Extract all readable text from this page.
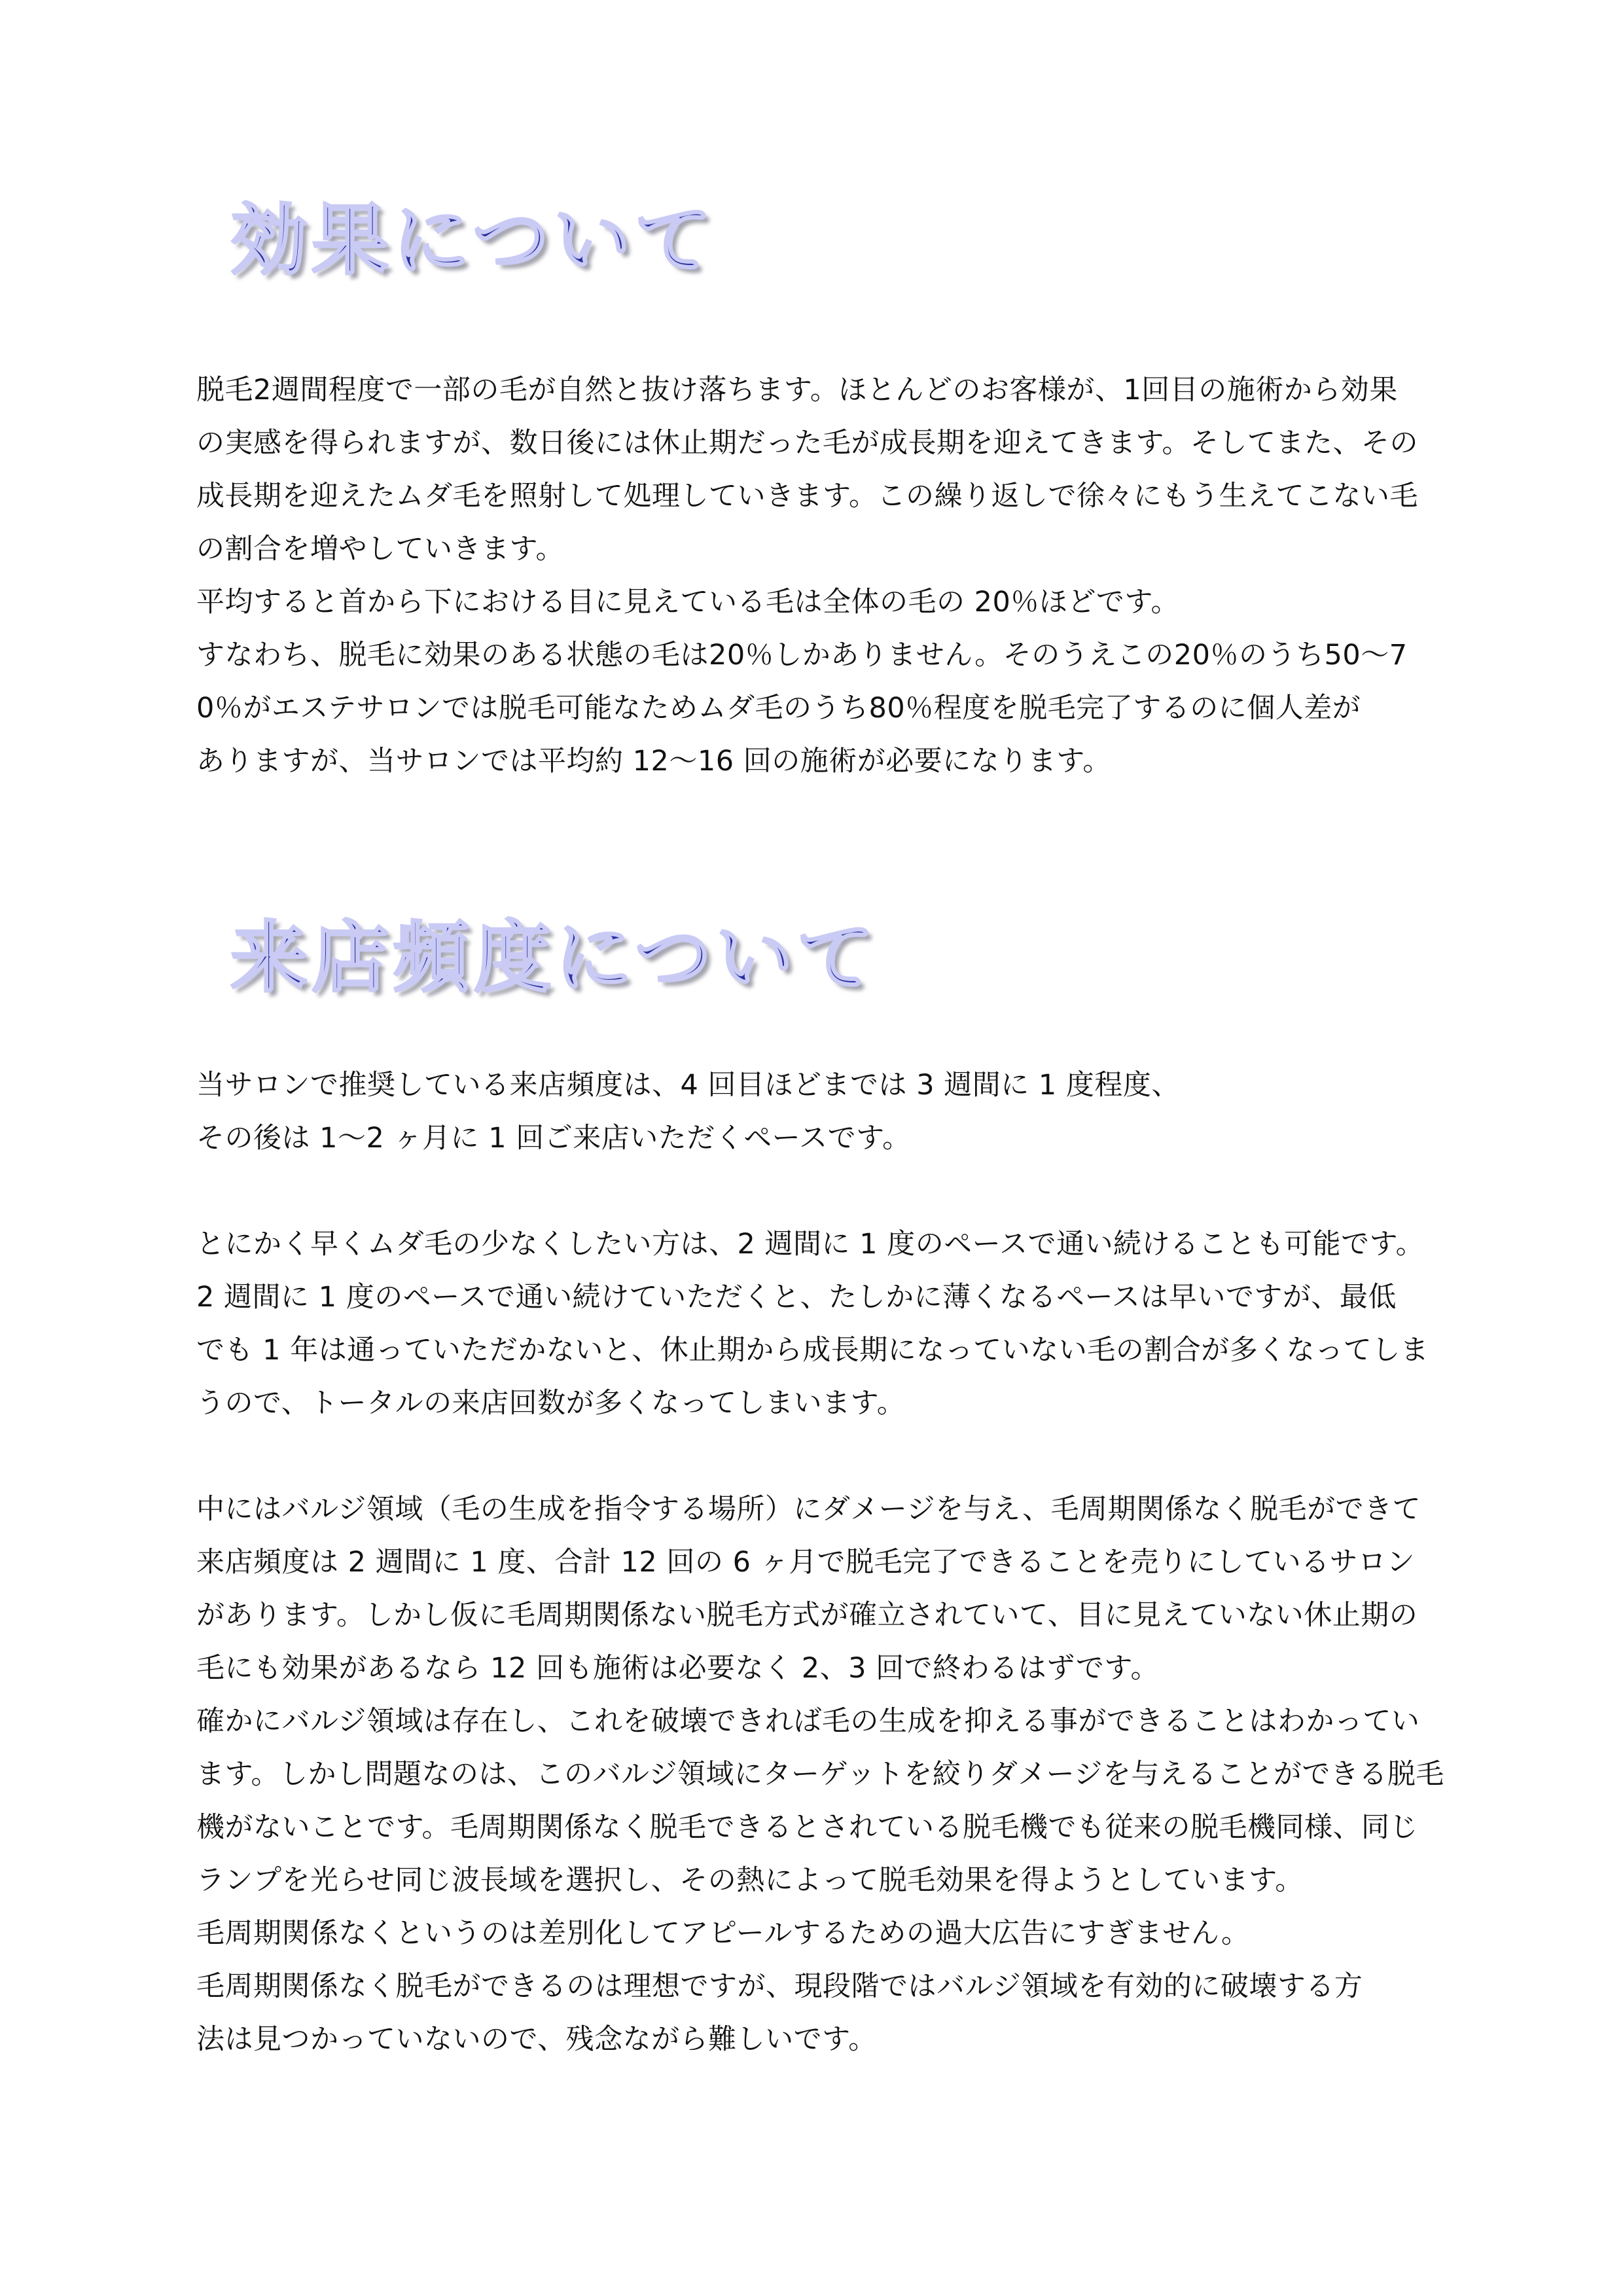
効果について
脱毛2週間程度で一部の毛が自然と抜け落ちます。ほとんどのお客様が、1回目の施術から効果
の実感を得られますが、数日後には休止期だった毛が成長期を迎えてきます。そしてまた、その
成長期を迎えたムダ毛を照射して処理していきます。この繰り返しで徐々にもう生えてこない毛
の割合を増やしていきます。
平均すると首から下における目に見えている毛は全体の毛の 20％ほどです。
すなわち、脱毛に効果のある状態の毛は20％しかありません。そのうえこの20％のうち50～7
0％がエステサロンでは脱毛可能なためムダ毛のうち80％程度を脱毛完了するのに個人差が
ありますが、当サロンでは平均約 12～16 回の施術が必要になります。
来店頻度について
当サロンで推奨している来店頻度は、4 回目ほどまでは 3 週間に 1 度程度、
その後は 1～2 ヶ月に 1 回ご来店いただくペースです。
とにかく早くムダ毛の少なくしたい方は、2 週間に 1 度のペースで通い続けることも可能です。
2 週間に 1 度のペースで通い続けていただくと、たしかに薄くなるペースは早いですが、最低
でも 1 年は通っていただかないと、休止期から成長期になっていない毛の割合が多くなってしま
うので、トータルの来店回数が多くなってしまいます。
中にはバルジ領域（毛の生成を指令する場所）にダメージを与え、毛周期関係なく脱毛ができて
来店頻度は 2 週間に 1 度、合計 12 回の 6 ヶ月で脱毛完了できることを売りにしているサロン
があります。しかし仮に毛周期関係ない脱毛方式が確立されていて、目に見えていない休止期の
毛にも効果があるなら 12 回も施術は必要なく 2、3 回で終わるはずです。
確かにバルジ領域は存在し、これを破壊できれば毛の生成を抑える事ができることはわかってい
ます。しかし問題なのは、このバルジ領域にターゲットを絞りダメージを与えることができる脱毛
機がないことです。毛周期関係なく脱毛できるとされている脱毛機でも従来の脱毛機同様、同じ
ランプを光らせ同じ波長域を選択し、その熱によって脱毛効果を得ようとしています。
毛周期関係なくというのは差別化してアピールするための過大広告にすぎません。
毛周期関係なく脱毛ができるのは理想ですが、現段階ではバルジ領域を有効的に破壊する方
法は見つかっていないので、残念ながら難しいです。
